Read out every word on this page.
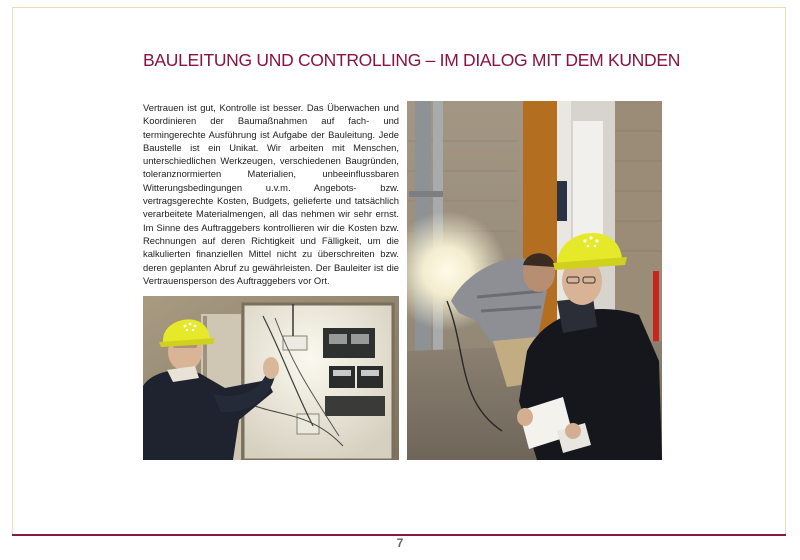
BAULEITUNG UND CONTROLLING – IM DIALOG MIT DEM KUNDEN

Vertrauen ist gut, Kontrolle ist besser. Das Überwachen und Koordinieren der Baumaßnahmen auf fach- und termingerechte Ausführung ist Aufgabe der Bauleitung. Jede Baustelle ist ein Unikat. Wir arbeiten mit Menschen, unterschiedlichen Werkzeugen, verschiedenen Baugründen, toleranznormierten Materialien, unbeeinflussbaren Witterungsbedingungen u.v.m. Angebots- bzw. vertragsgerechte Kosten, Budgets, gelieferte und tatsächlich verarbeitete Materialmengen, all das nehmen wir sehr ernst. Im Sinne des Auftraggebers kontrollieren wir die Kosten bzw. Rechnungen auf deren Richtigkeit und Fälligkeit, um die kalkulierten finanziellen Mittel nicht zu überschreiten bzw. deren geplanten Abruf zu gewährleisten. Der Bauleiter ist die Vertrauensperson des Auftraggebers vor Ort.

7
